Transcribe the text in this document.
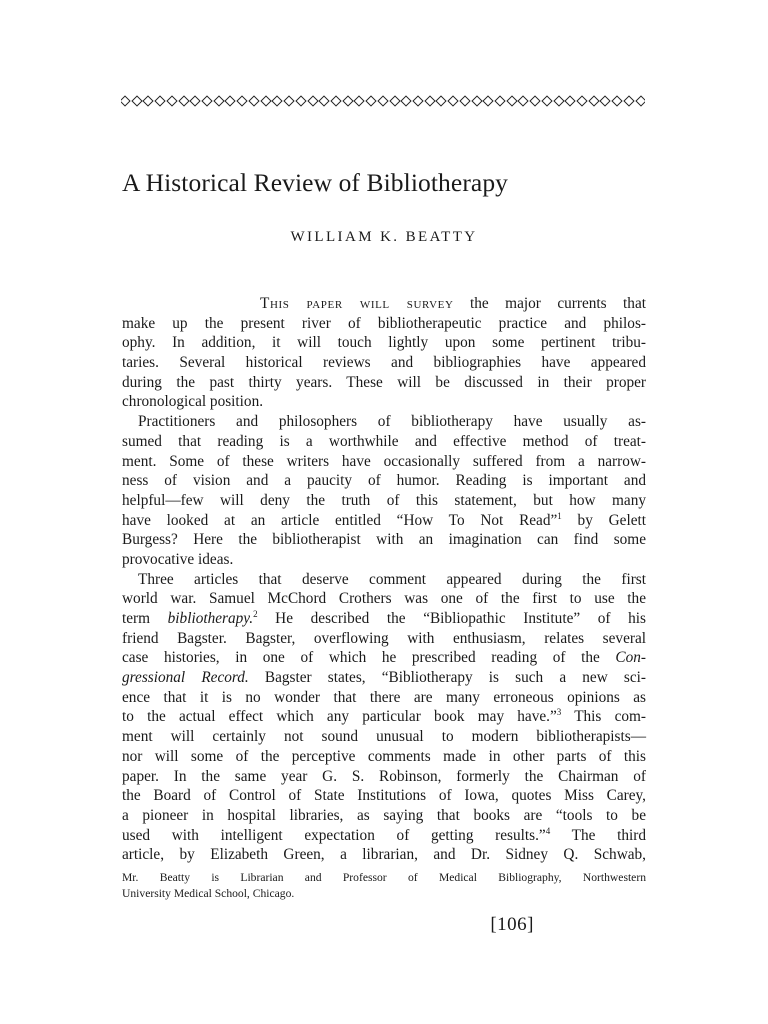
A Historical Review of Bibliotherapy
WILLIAM K. BEATTY
This paper will survey the major currents that
make up the present river of bibliotherapeutic practice and philos-
ophy. In addition, it will touch lightly upon some pertinent tribu-
taries. Several historical reviews and bibliographies have appeared
during the past thirty years. These will be discussed in their proper
chronological position.
Practitioners and philosophers of bibliotherapy have usually as-
sumed that reading is a worthwhile and effective method of treat-
ment. Some of these writers have occasionally suffered from a narrow-
ness of vision and a paucity of humor. Reading is important and
helpful—few will deny the truth of this statement, but how many
have looked at an article entitled “How To Not Read”$^1$ by Gelett
Burgess? Here the bibliotherapist with an imagination can find some
provocative ideas.
Three articles that deserve comment appeared during the first
world war. Samuel McChord Crothers was one of the first to use the
term bibliotherapy.$^2$ He described the “Bibliopathic Institute” of his
friend Bagster. Bagster, overflowing with enthusiasm, relates several
case histories, in one of which he prescribed reading of the Con-
gressional Record. Bagster states, “Bibliotherapy is such a new sci-
ence that it is no wonder that there are many erroneous opinions as
to the actual effect which any particular book may have.”$^3$ This com-
ment will certainly not sound unusual to modern bibliotherapists—
nor will some of the perceptive comments made in other parts of this
paper. In the same year G. S. Robinson, formerly the Chairman of
the Board of Control of State Institutions of Iowa, quotes Miss Carey,
a pioneer in hospital libraries, as saying that books are “tools to be
used with intelligent expectation of getting results.”$^4$ The third
article, by Elizabeth Green, a librarian, and Dr. Sidney Q. Schwab,
Mr. Beatty is Librarian and Professor of Medical Bibliography, Northwestern
University Medical School, Chicago.
[106]
